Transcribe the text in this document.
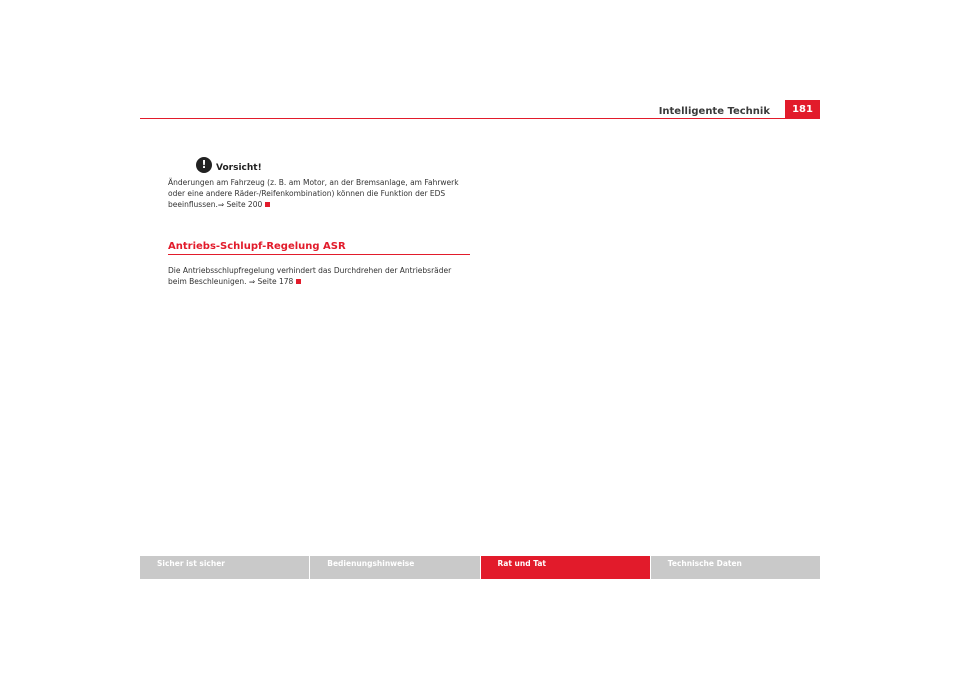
Intelligente Technik	181
!	Vorsicht!
Änderungen am Fahrzeug (z. B. am Motor, an der Bremsanlage, am Fahrwerk
oder eine andere Räder-/Reifenkombination) können die Funktion der EDS
beeinflussen.⇒ Seite 200
Antriebs-Schlupf-Regelung ASR
Die Antriebsschlupfregelung verhindert das Durchdrehen der Antriebsräder
beim Beschleunigen. ⇒ Seite 178
Sicher ist sicher	Bedienungshinweise	Rat und Tat	Technische Daten
